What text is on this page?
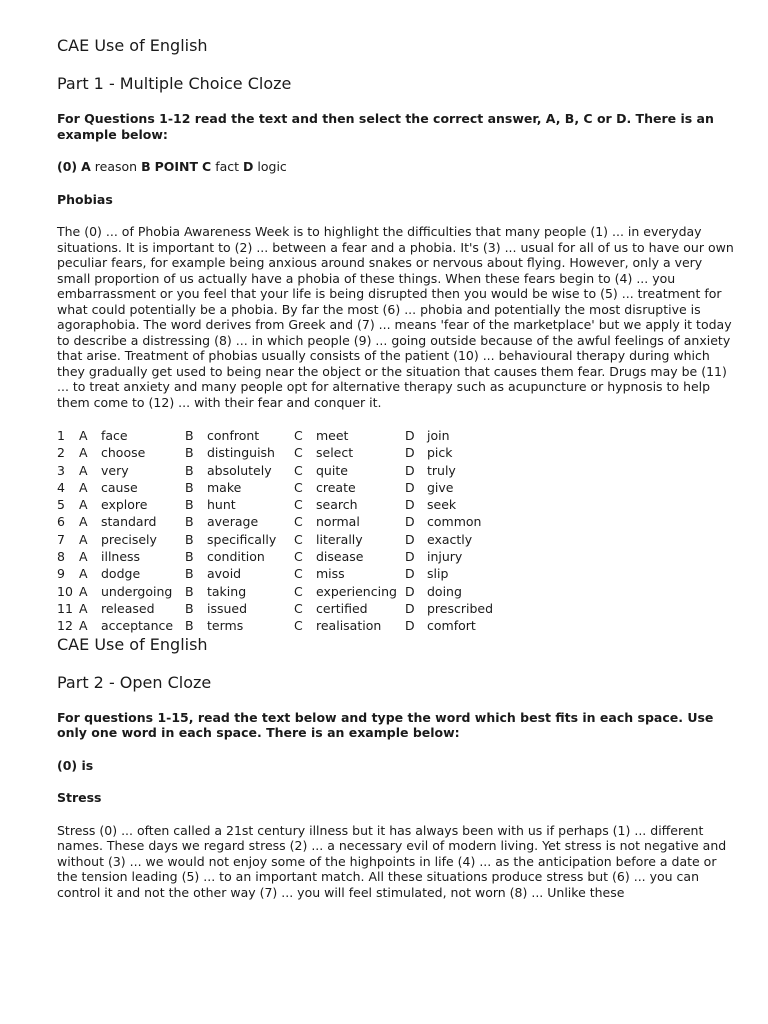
CAE Use of English
Part 1 - Multiple Choice Cloze

For Questions 1-12 read the text and then select the correct answer, A, B, C or D. There is an example below:

(0) A reason B POINT C fact D logic

Phobias

The (0) ... of Phobia Awareness Week is to highlight the difficulties that many people (1) ... in everyday situations. It is important to (2) ... between a fear and a phobia. It's (3) ... usual for all of us to have our own peculiar fears, for example being anxious around snakes or nervous about flying. However, only a very small proportion of us actually have a phobia of these things. When these fears begin to (4) ... you embarrassment or you feel that your life is being disrupted then you would be wise to (5) ... treatment for what could potentially be a phobia. By far the most (6) ... phobia and potentially the most disruptive is agoraphobia. The word derives from Greek and (7) ... means 'fear of the marketplace' but we apply it today to describe a distressing (8) ... in which people (9) ... going outside because of the awful feelings of anxiety that arise. Treatment of phobias usually consists of the patient (10) ... behavioural therapy during which they gradually get used to being near the object or the situation that causes them fear. Drugs may be (11) ... to treat anxiety and many people opt for alternative therapy such as acupuncture or hypnosis to help them come to (12) ... with their fear and conquer it.

1	A	face	B	confront	C	meet	D	join
2	A	choose	B	distinguish	C	select	D	pick
3	A	very	B	absolutely	C	quite	D	truly
4	A	cause	B	make	C	create	D	give
5	A	explore	B	hunt	C	search	D	seek
6	A	standard	B	average	C	normal	D	common
7	A	precisely	B	specifically	C	literally	D	exactly
8	A	illness	B	condition	C	disease	D	injury
9	A	dodge	B	avoid	C	miss	D	slip
10	A	undergoing	B	taking	C	experiencing	D	doing
11	A	released	B	issued	C	certified	D	prescribed
12	A	acceptance	B	terms	C	realisation	D	comfort
CAE Use of English
Part 2 - Open Cloze

For questions 1-15, read the text below and type the word which best fits in each space. Use only one word in each space. There is an example below:

(0) is

Stress

Stress (0) ... often called a 21st century illness but it has always been with us if perhaps (1) ... different names. These days we regard stress (2) ... a necessary evil of modern living. Yet stress is not negative and without (3) ... we would not enjoy some of the highpoints in life (4) ... as the anticipation before a date or the tension leading (5) ... to an important match. All these situations produce stress but (6) ... you can control it and not the other way (7) ... you will feel stimulated, not worn (8) ... Unlike these
